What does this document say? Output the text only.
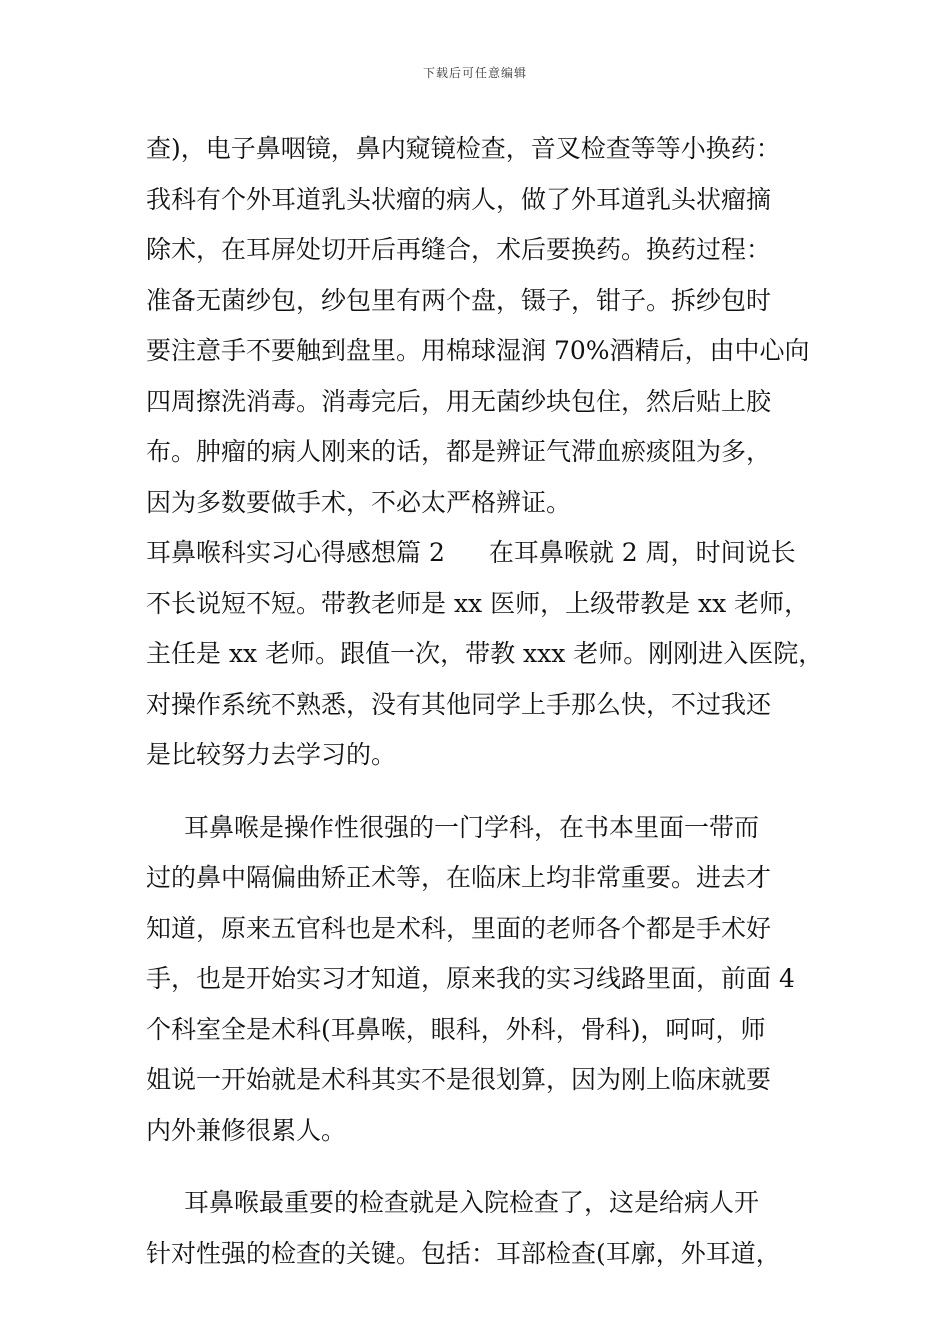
下载后可任意编辑
查)，电子鼻咽镜，鼻内窥镜检查，音叉检查等等小换药：
我科有个外耳道乳头状瘤的病人，做了外耳道乳头状瘤摘
除术，在耳屏处切开后再缝合，术后要换药。换药过程：
准备无菌纱包，纱包里有两个盘，镊子，钳子。拆纱包时
要注意手不要触到盘里。用棉球湿润 70%酒精后，由中心向
四周擦洗消毒。消毒完后，用无菌纱块包住，然后贴上胶
布。肿瘤的病人刚来的话，都是辨证气滞血瘀痰阻为多，
因为多数要做手术，不必太严格辨证。
耳鼻喉科实习心得感想篇 2 在耳鼻喉就 2 周，时间说长
不长说短不短。带教老师是 xx 医师，上级带教是 xx 老师，
主任是 xx 老师。跟值一次，带教 xxx 老师。刚刚进入医院，
对操作系统不熟悉，没有其他同学上手那么快，不过我还
是比较努力去学习的。
耳鼻喉是操作性很强的一门学科，在书本里面一带而
过的鼻中隔偏曲矫正术等，在临床上均非常重要。进去才
知道，原来五官科也是术科，里面的老师各个都是手术好
手，也是开始实习才知道，原来我的实习线路里面，前面 4
个科室全是术科(耳鼻喉，眼科，外科，骨科)，呵呵，师
姐说一开始就是术科其实不是很划算，因为刚上临床就要
内外兼修很累人。
耳鼻喉最重要的检查就是入院检查了，这是给病人开
针对性强的检查的关键。包括：耳部检查(耳廓，外耳道，
